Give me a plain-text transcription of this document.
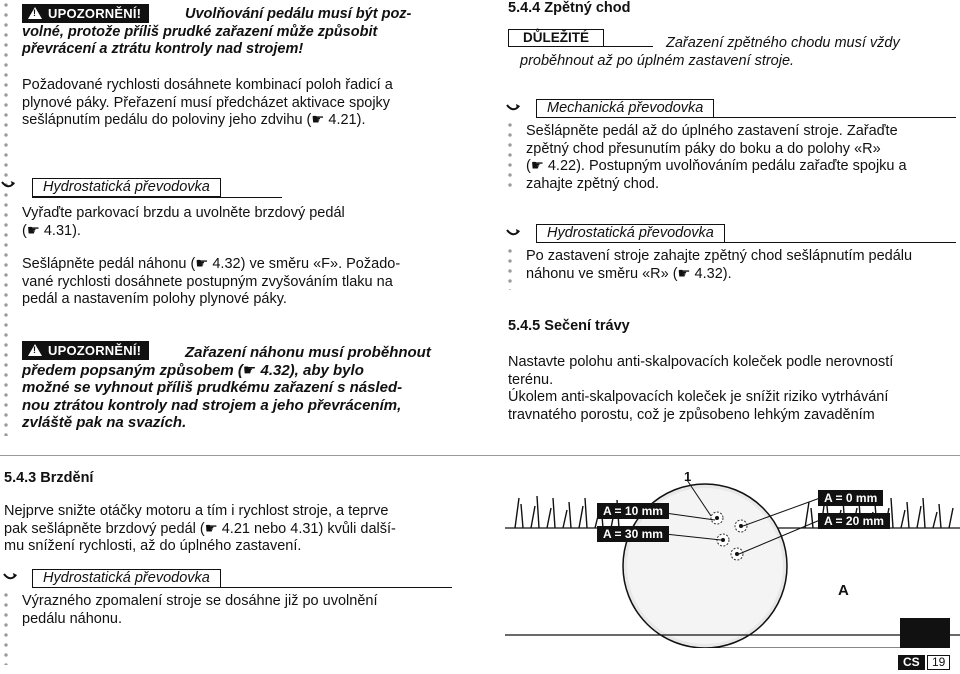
!UPOZORNĚNÍ!	Uvolňování pedálu musí být poz-
volné, protože příliš prudké zařazení může způsobit
převrácení a ztrátu kontroly nad strojem!
Požadované rychlosti dosáhnete kombinací poloh řadicí a
plynové páky. Přeřazení musí předcházet aktivace spojky
sešlápnutím pedálu do poloviny jeho zdvihu (☛ 4.21).
Hydrostatická převodovka
Vyřaďte parkovací brzdu a uvolněte brzdový pedál
(☛ 4.31).
Sešlápněte pedál náhonu (☛ 4.32) ve směru «F». Požado-
vané rychlosti dosáhnete postupným zvyšováním tlaku na
pedál a nastavením polohy plynové páky.
!UPOZORNĚNÍ!	Zařazení náhonu musí proběhnout
předem popsaným způsobem (☛ 4.32), aby bylo
možné se vyhnout příliš prudkému zařazení s násled-
nou ztrátou kontroly nad strojem a jeho převrácením,
zvláště pak na svazích.
5.4.4 Zpětný chod
DŮLEŽITÉ	Zařazení zpětného chodu musí vždy
proběhnout až po úplném zastavení stroje.
Mechanická převodovka
Sešlápněte pedál až do úplného zastavení stroje. Zařaďte
zpětný chod přesunutím páky do boku a do polohy «R»
(☛ 4.22). Postupným uvolňováním pedálu zařaďte spojku a
zahajte zpětný chod.
Hydrostatická převodovka
Po zastavení stroje zahajte zpětný chod sešlápnutím pedálu
náhonu ve směru «R» (☛ 4.32).
5.4.5 Sečení trávy
Nastavte polohu anti-skalpovacích koleček podle nerovností
terénu.
Úkolem anti-skalpovacích koleček je snížit riziko vytrhávání
travnatého porostu, což je způsobeno lehkým zavaděním
5.4.3 Brzdění
Nejprve snižte otáčky motoru a tím i rychlost stroje, a teprve
pak sešlápněte brzdový pedál (☛ 4.21 nebo 4.31) kvůli další-
mu snížení rychlosti, až do úplného zastavení.
Hydrostatická převodovka
Výrazného zpomalení stroje se dosáhne již po uvolnění
pedálu náhonu.
1
A = 10 mm
A = 30 mm
A = 0 mm
A = 20 mm
A
CS	19
